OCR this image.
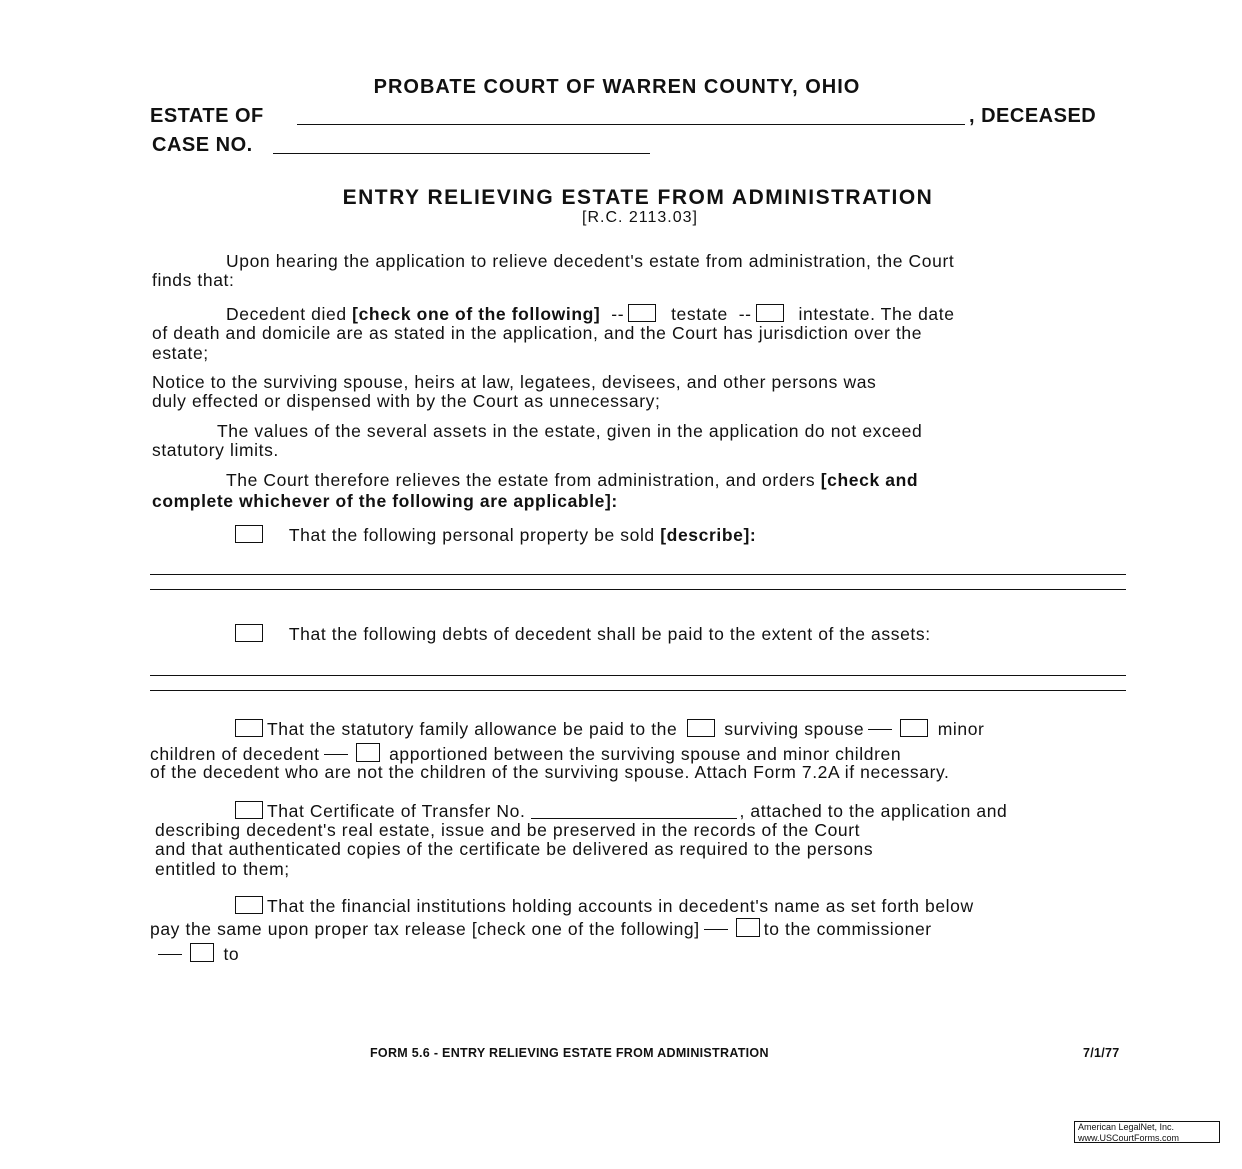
PROBATE COURT OF WARREN COUNTY, OHIO
ESTATE OF	, DECEASED
CASE NO.
ENTRY RELIEVING ESTATE FROM ADMINISTRATION
[R.C. 2113.03]
Upon hearing the application to relieve decedent's estate from administration, the Court
finds that:
Decedent died [check one of the following]  --	testate  --	intestate. The date
of death and domicile are as stated in the application, and the Court has jurisdiction over the
estate;
Notice to the surviving spouse, heirs at law, legatees, devisees, and other persons was
duly effected or dispensed with by the Court as unnecessary;
The values of the several assets in the estate, given in the application do not exceed
statutory limits.
The Court therefore relieves the estate from administration, and orders [check and
complete whichever of the following are applicable]:
That the following personal property be sold [describe]:
That the following debts of decedent shall be paid to the extent of the assets:
That the statutory family allowance be paid to the	surviving spouse	minor
children of decedent	apportioned between the surviving spouse and minor children
of the decedent who are not the children of the surviving spouse. Attach Form 7.2A if necessary.
That Certificate of Transfer No.	, attached to the application and
describing decedent's real estate, issue and be preserved in the records of the Court
and that authenticated copies of the certificate be delivered as required to the persons
entitled to them;
That the financial institutions holding accounts in decedent's name as set forth below
pay the same upon proper tax release [check one of the following]	to the commissioner
to
FORM 5.6 - ENTRY RELIEVING ESTATE FROM ADMINISTRATION	7/1/77
American LegalNet, Inc.
www.USCourtForms.com
